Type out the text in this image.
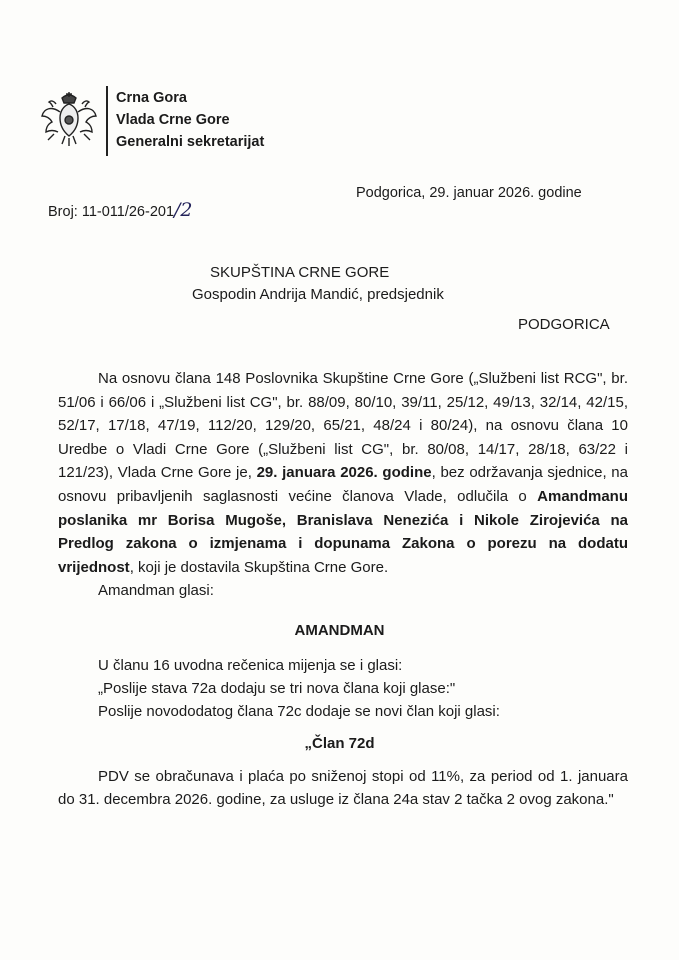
Crna Gora
Vlada Crne Gore
Generalni sekretarijat
Broj: 11-011/26-201/2
Podgorica, 29. januar 2026. godine
SKUPŠTINA CRNE GORE
Gospodin Andrija Mandić, predsjednik
PODGORICA

Na osnovu člana 148 Poslovnika Skupštine Crne Gore („Službeni list RCG", br. 51/06 i 66/06 i „Službeni list CG", br. 88/09, 80/10, 39/11, 25/12, 49/13, 32/14, 42/15, 52/17, 17/18, 47/19, 112/20, 129/20, 65/21, 48/24 i 80/24), na osnovu člana 10 Uredbe o Vladi Crne Gore („Službeni list CG", br. 80/08, 14/17, 28/18, 63/22 i 121/23), Vlada Crne Gore je, 29. januara 2026. godine, bez održavanja sjednice, na osnovu pribavljenih saglasnosti većine članova Vlade, odlučila o Amandmanu poslanika mr Borisa Mugoše, Branislava Nenezića i Nikole Zirojevića na Predlog zakona o izmjenama i dopunama Zakona o porezu na dodatu vrijednost, koji je dostavila Skupština Crne Gore.

Amandman glasi:
AMANDMAN
U članu 16 uvodna rečenica mijenja se i glasi:
„Poslije stava 72a dodaju se tri nova člana koji glase:"
Poslije novododatog člana 72c dodaje se novi član koji glasi:
„Član 72d

PDV se obračunava i plaća po sniženoj stopi od 11%, za period od 1. januara do 31. decembra 2026. godine, za usluge iz člana 24a stav 2 tačka 2 ovog zakona."
